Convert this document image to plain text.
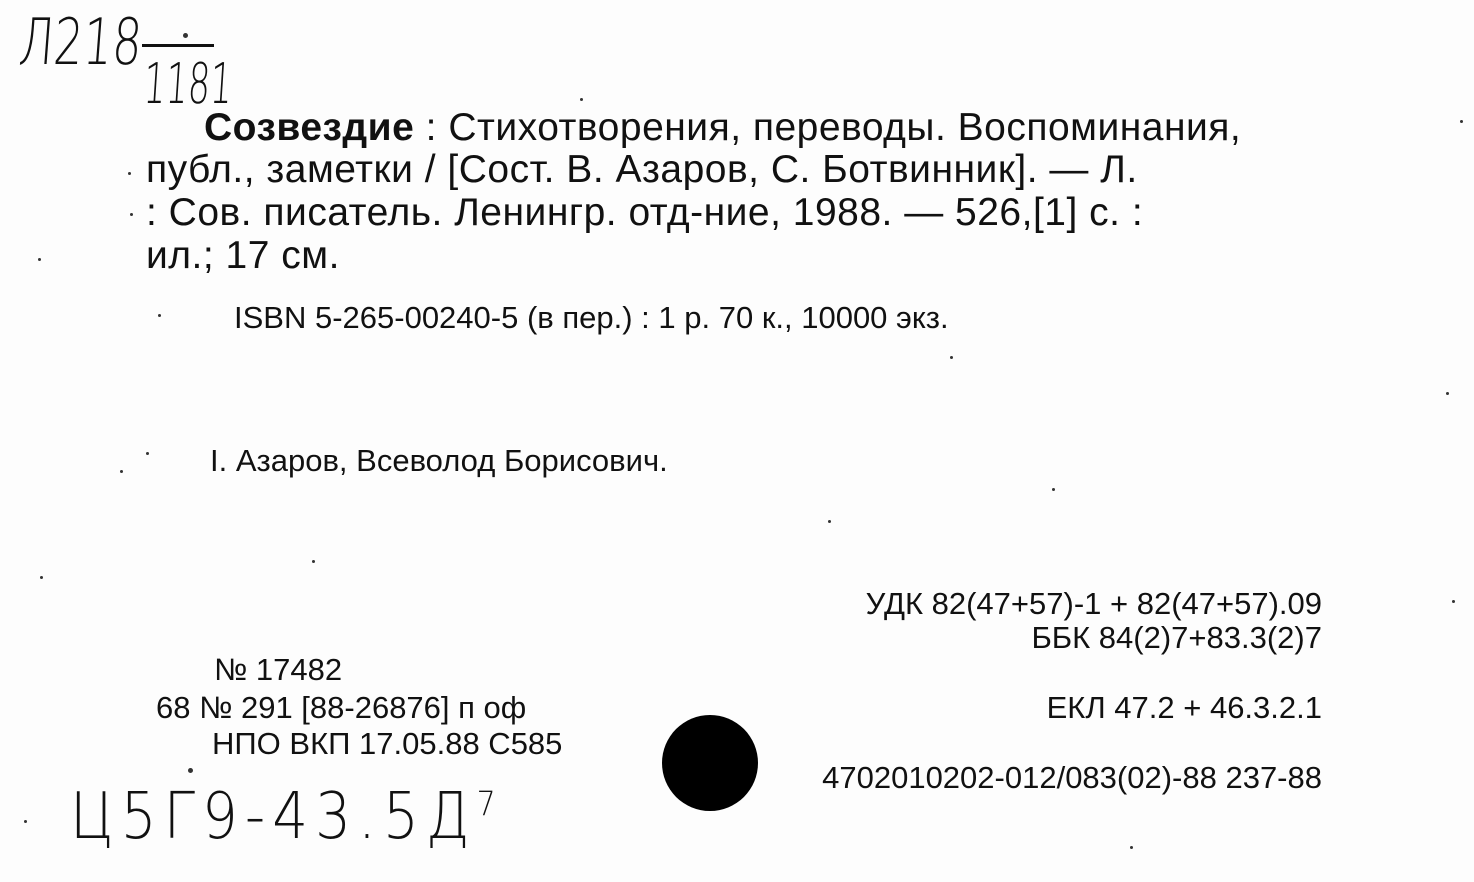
Л218
1181
Созвездие : Стихотворения, переводы. Воспоминания,
публ., заметки / [Сост. В. Азаров, С. Ботвинник]. — Л.
: Сов. писатель. Ленингр. отд-ние, 1988. — 526,[1] с. :
ил.; 17 см.
ISBN 5-265-00240-5 (в пер.) : 1 р. 70 к., 10000 экз.
I. Азаров, Всеволод Борисович.
УДК 82(47+57)-1 + 82(47+57).09
ББК 84(2)7+83.3(2)7
ЕКЛ 47.2 + 46.3.2.1
4702010202-012/083(02)-88 237-88
№ 17482
68 № 291 [88-26876] п оф
НПО ВКП 17.05.88 С585
$Ц5Г9-43.5Д^7$
